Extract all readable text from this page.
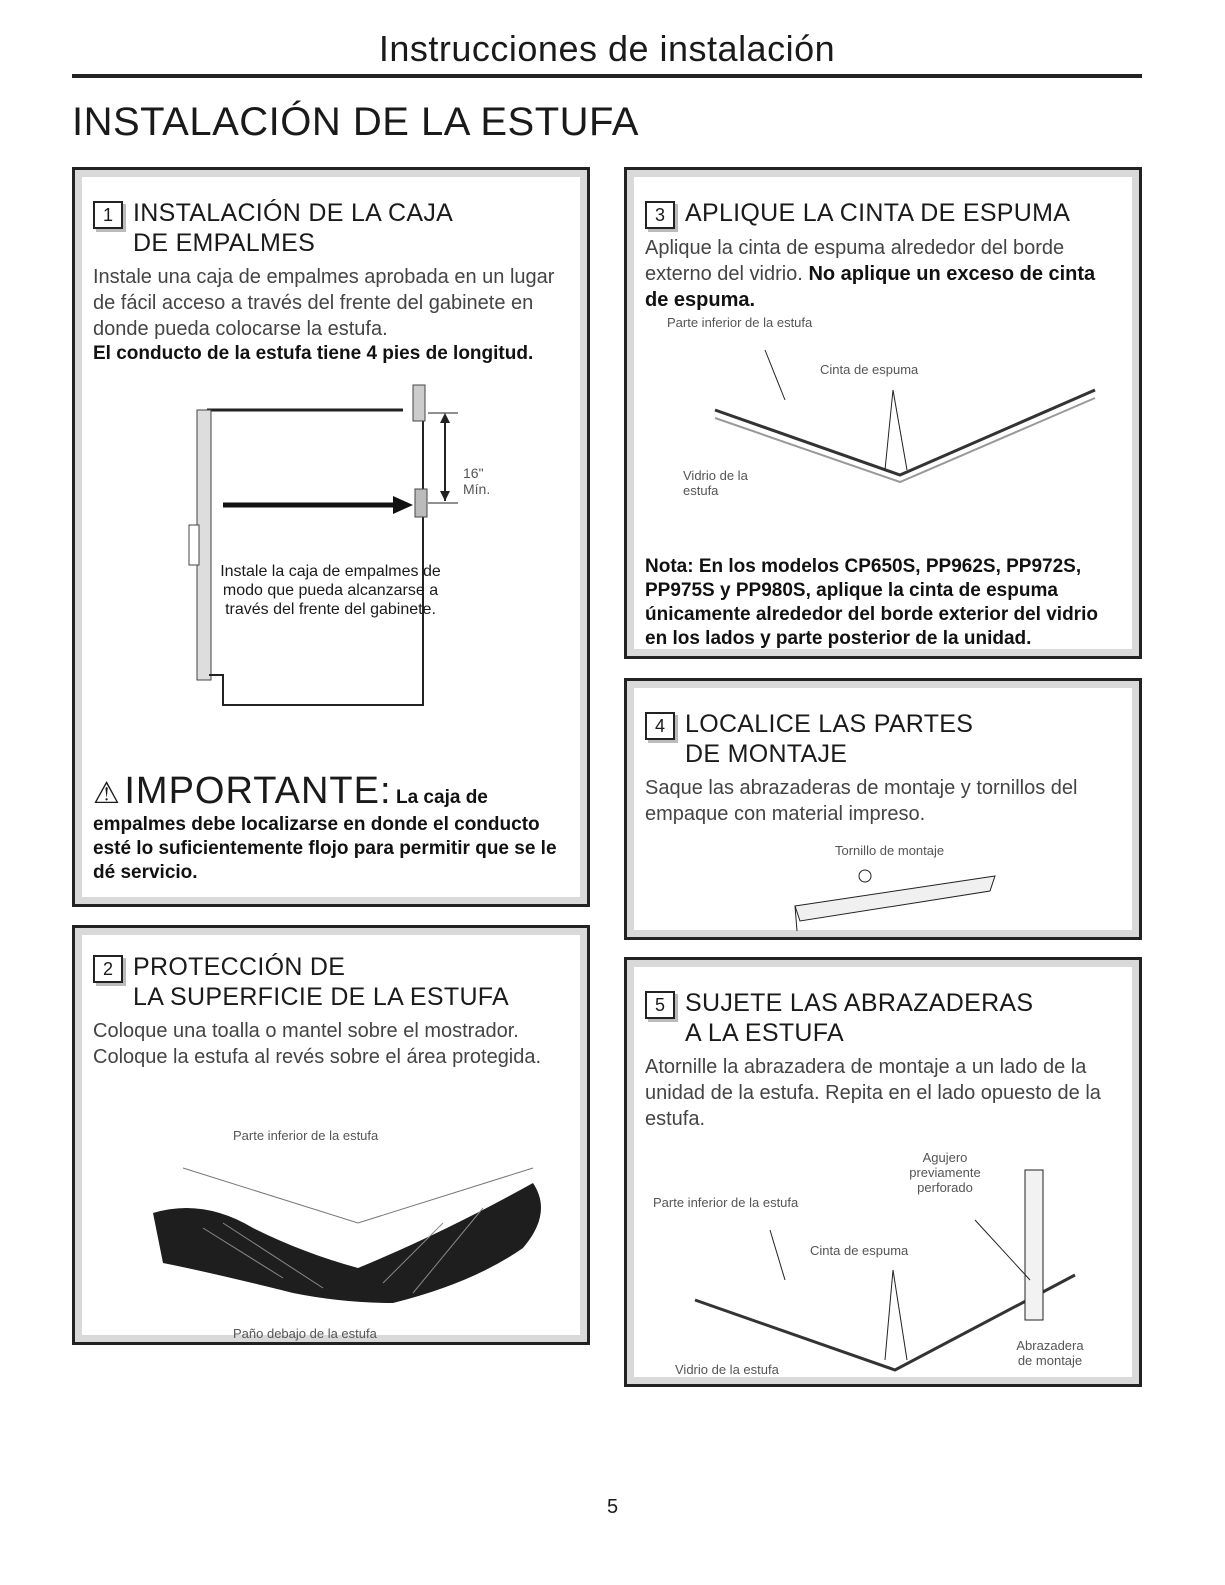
Instrucciones de instalación
INSTALACIÓN DE LA ESTUFA
1 INSTALACIÓN DE LA CAJA
DE EMPALMES
Instale una caja de empalmes aprobada en un lugar de fácil acceso a través del frente del gabinete en donde pueda colocarse la estufa.
El conducto de la estufa tiene 4 pies de longitud.
16"
Mín.
Instale la caja de empalmes de modo que pueda alcanzarse a través del frente del gabinete.
⚠ IMPORTANTE: La caja de empalmes debe localizarse en donde el conducto esté lo suficientemente flojo para permitir que se le dé servicio.
2 PROTECCIÓN DE
LA SUPERFICIE DE LA ESTUFA
Coloque una toalla o mantel sobre el mostrador. Coloque la estufa al revés sobre el área protegida.
Parte inferior de la estufa
Paño debajo de la estufa
3 APLIQUE LA CINTA DE ESPUMA
Aplique la cinta de espuma alrededor del borde externo del vidrio. No aplique un exceso de cinta de espuma.
Parte inferior de la estufa
Cinta de espuma
Vidrio de la estufa
Nota: En los modelos CP650S, PP962S, PP972S, PP975S y PP980S, aplique la cinta de espuma únicamente alrededor del borde exterior del vidrio en los lados y parte posterior de la unidad.
4 LOCALICE LAS PARTES
DE MONTAJE
Saque las abrazaderas de montaje y tornillos del empaque con material impreso.
Tornillo de montaje
5 SUJETE LAS ABRAZADERAS
A LA ESTUFA
Atornille la abrazadera de montaje a un lado de la unidad de la estufa. Repita en el lado opuesto de la estufa.
Agujero previamente perforado
Parte inferior de la estufa
Cinta de espuma
Vidrio de la estufa
Abrazadera de montaje
5
